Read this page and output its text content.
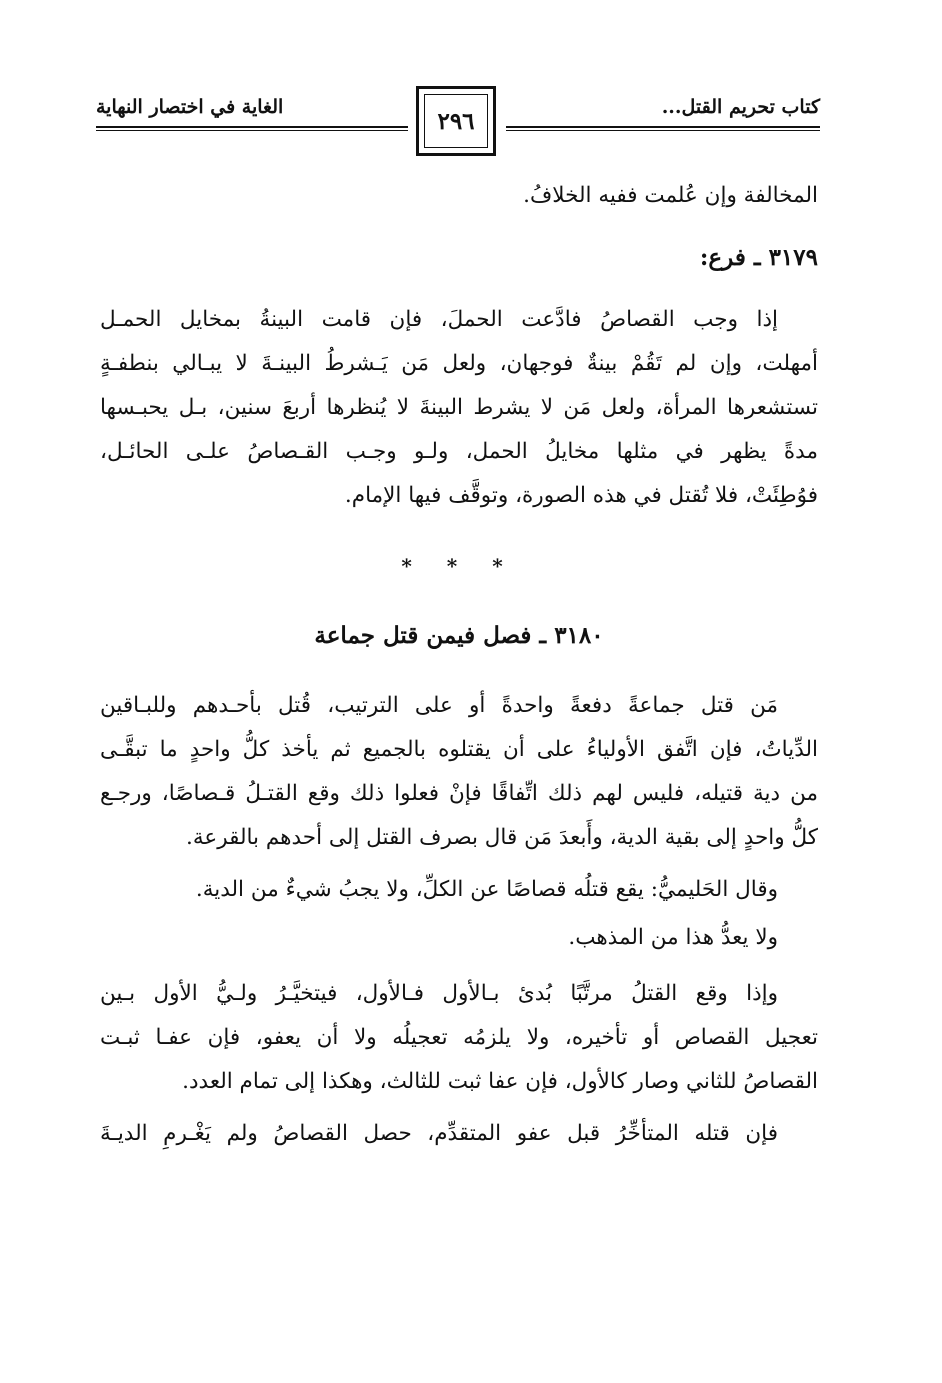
كتاب تحريم القتل...
الغاية في اختصار النهاية
٢٩٦
المخالفة وإن عُلمت ففيه الخلافُ.
٣١٧٩ ـ فرع:
إذا وجب القصاصُ فادَّعت الحملَ، فإن قامت البينةُ بمخايل الحمـل
أمهلت، وإن لم تَقُمْ بينةٌ فوجهان، ولعل مَن يَـشرطُ البينـةَ لا يبـالي بنطفـةٍ
تستشعرها المرأة، ولعل مَن لا يشرط البينةَ لا يُنظرها أربعَ سنين، بـل يحبـسها
مدةً يظهر في مثلها مخايلُ الحمل، ولـو وجـب القـصاصُ علـى الحائـل،
فوُطِئَتْ، فلا تُقتل في هذه الصورة، وتوقَّف فيها الإمام.
* * *
٣١٨٠ ـ فصل فيمن قتل جماعة
مَن قتل جماعةً دفعةً واحدةً أو على الترتيب، قُتل بأحـدهم وللبـاقين
الدِّياتُ، فإن اتَّفق الأولياءُ على أن يقتلوه بالجميع ثم يأخذ كلُّ واحدٍ ما تبقَّـى
من دية قتيله، فليس لهم ذلك اتِّفاقًا فإنْ فعلوا ذلك وقع القتـلُ قـصاصًا، ورجـع
كلُّ واحدٍ إلى بقية الدية، وأَبعدَ مَن قال بصرف القتل إلى أحدهم بالقرعة.
وقال الحَليميُّ: يقع قتلُه قصاصًا عن الكلِّ، ولا يجبُ شيءٌ من الدية.
ولا يعدُّ هذا من المذهب.
وإذا وقع القتلُ مرتَّبًا بُدئ بـالأول فـالأول، فيتخيَّـرُ ولـيُّ الأول بـين
تعجيل القصاص أو تأخيره، ولا يلزمُه تعجيلُه ولا أن يعفو، فإن عفـا ثبـت
القصاصُ للثاني وصار كالأول، فإن عفا ثبت للثالث، وهكذا إلى تمام العدد.
فإن قتله المتأخِّرُ قبل عفو المتقدِّم، حصل القصاصُ ولم يَغْـرمِ الديـةَ
